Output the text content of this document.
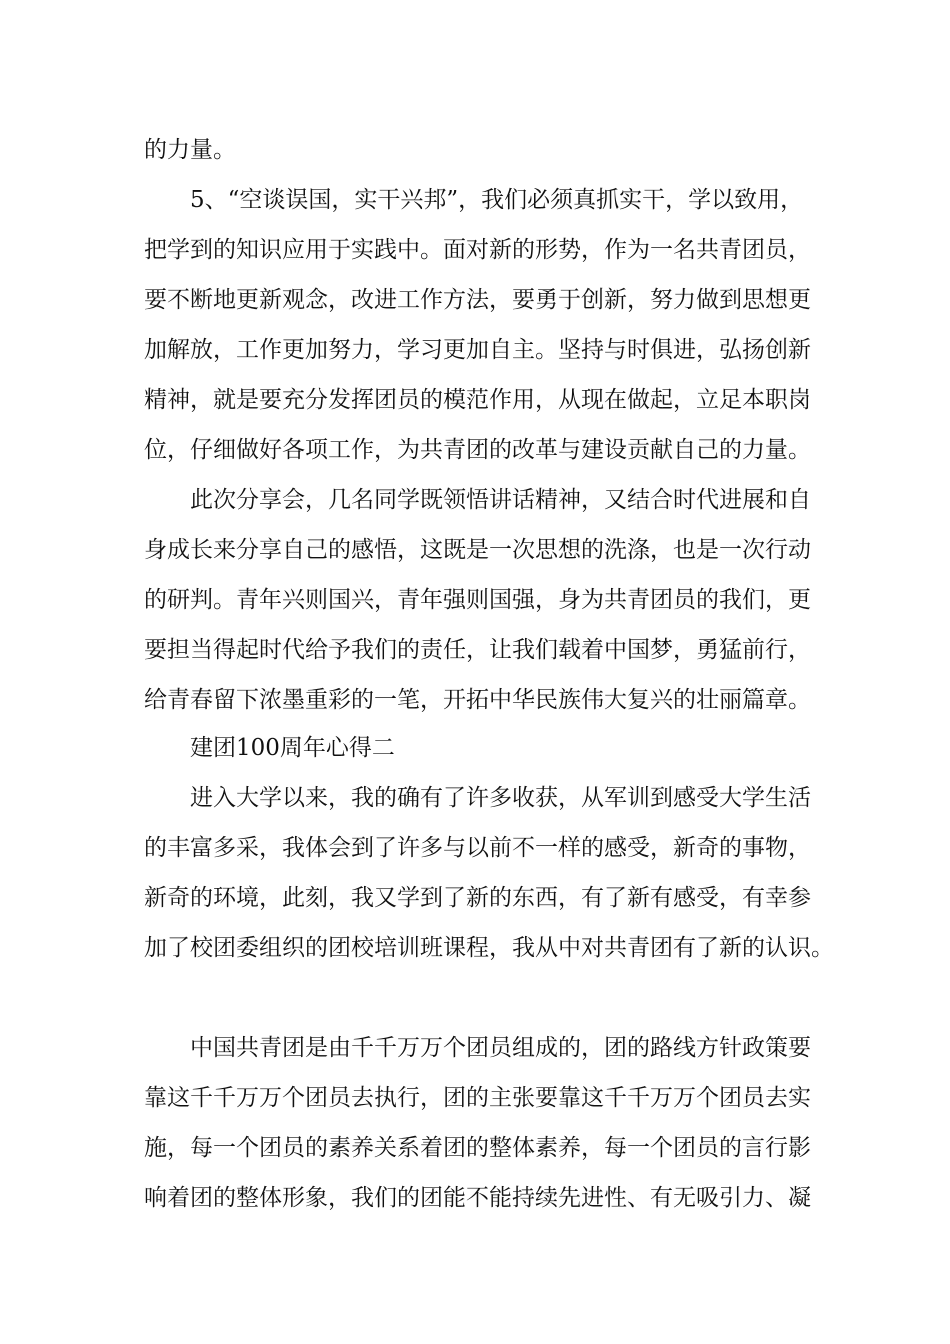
的力量。
5、“空谈误国，实干兴邦”，我们必须真抓实干，学以致用，
把学到的知识应用于实践中。面对新的形势，作为一名共青团员，
要不断地更新观念，改进工作方法，要勇于创新，努力做到思想更
加解放，工作更加努力，学习更加自主。坚持与时俱进，弘扬创新
精神，就是要充分发挥团员的模范作用，从现在做起，立足本职岗
位，仔细做好各项工作，为共青团的改革与建设贡献自己的力量。
此次分享会，几名同学既领悟讲话精神，又结合时代进展和自
身成长来分享自己的感悟，这既是一次思想的洗涤，也是一次行动
的研判。青年兴则国兴，青年强则国强，身为共青团员的我们，更
要担当得起时代给予我们的责任，让我们载着中国梦，勇猛前行，
给青春留下浓墨重彩的一笔，开拓中华民族伟大复兴的壮丽篇章。
建团100周年心得二
进入大学以来，我的确有了许多收获，从军训到感受大学生活
的丰富多采，我体会到了许多与以前不一样的感受，新奇的事物，
新奇的环境，此刻，我又学到了新的东西，有了新有感受，有幸参
加了校团委组织的团校培训班课程，我从中对共青团有了新的认识。
中国共青团是由千千万万个团员组成的，团的路线方针政策要
靠这千千万万个团员去执行，团的主张要靠这千千万万个团员去实
施，每一个团员的素养关系着团的整体素养，每一个团员的言行影
响着团的整体形象，我们的团能不能持续先进性、有无吸引力、凝
